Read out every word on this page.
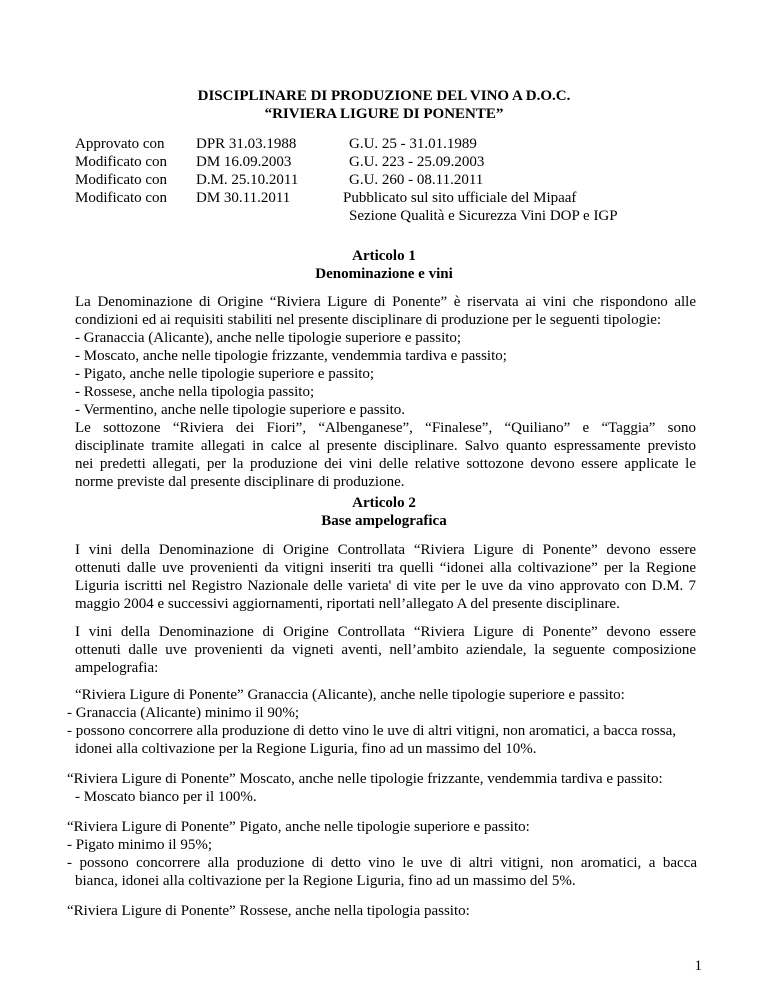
DISCIPLINARE DI PRODUZIONE DEL VINO A D.O.C.
“RIVIERA LIGURE DI PONENTE”
Approvato con DPR 31.03.1988	G.U. 25 - 31.01.1989
Modificato con DM 16.09.2003	G.U. 223 - 25.09.2003
Modificato con D.M. 25.10.2011	G.U. 260 - 08.11.2011
Modificato con DM 30.11.2011	Pubblicato sul sito ufficiale del Mipaaf
Sezione Qualità e Sicurezza Vini DOP e IGP
Articolo 1
Denominazione e vini
La Denominazione di Origine “Riviera Ligure di Ponente” è riservata ai vini che rispondono alle
condizioni ed ai requisiti stabiliti nel presente disciplinare di produzione per le seguenti tipologie:
- Granaccia (Alicante), anche nelle tipologie superiore e passito;
- Moscato, anche nelle tipologie frizzante, vendemmia tardiva e passito;
- Pigato, anche nelle tipologie superiore e passito;
- Rossese, anche nella tipologia passito;
- Vermentino, anche nelle tipologie superiore e passito.
Le sottozone “Riviera dei Fiori”, “Albenganese”, “Finalese”, “Quiliano” e “Taggia” sono
disciplinate tramite allegati in calce al presente disciplinare. Salvo quanto espressamente previsto
nei predetti allegati, per la produzione dei vini delle relative sottozone devono essere applicate le
norme previste dal presente disciplinare di produzione.
Articolo 2
Base ampelografica
I vini della Denominazione di Origine Controllata “Riviera Ligure di Ponente” devono essere
ottenuti dalle uve provenienti da vitigni inseriti tra quelli “idonei alla coltivazione” per la Regione
Liguria iscritti nel Registro Nazionale delle varieta' di vite per le uve da vino approvato con D.M. 7
maggio 2004 e successivi aggiornamenti, riportati nell’allegato A del presente disciplinare.
I vini della Denominazione di Origine Controllata “Riviera Ligure di Ponente” devono essere
ottenuti dalle uve provenienti da vigneti aventi, nell’ambito aziendale, la seguente composizione
ampelografia:
“Riviera Ligure di Ponente” Granaccia (Alicante), anche nelle tipologie superiore e passito:
- Granaccia (Alicante) minimo il 90%;
- possono concorrere alla produzione di detto vino le uve di altri vitigni, non aromatici, a bacca rossa,
idonei alla coltivazione per la Regione Liguria, fino ad un massimo del 10%.
“Riviera Ligure di Ponente” Moscato, anche nelle tipologie frizzante, vendemmia tardiva e passito:
- Moscato bianco per il 100%.
“Riviera Ligure di Ponente” Pigato, anche nelle tipologie superiore e passito:
- Pigato minimo il 95%;
- possono concorrere alla produzione di detto vino le uve di altri vitigni, non aromatici, a bacca
bianca, idonei alla coltivazione per la Regione Liguria, fino ad un massimo del 5%.
“Riviera Ligure di Ponente” Rossese, anche nella tipologia passito:
1
